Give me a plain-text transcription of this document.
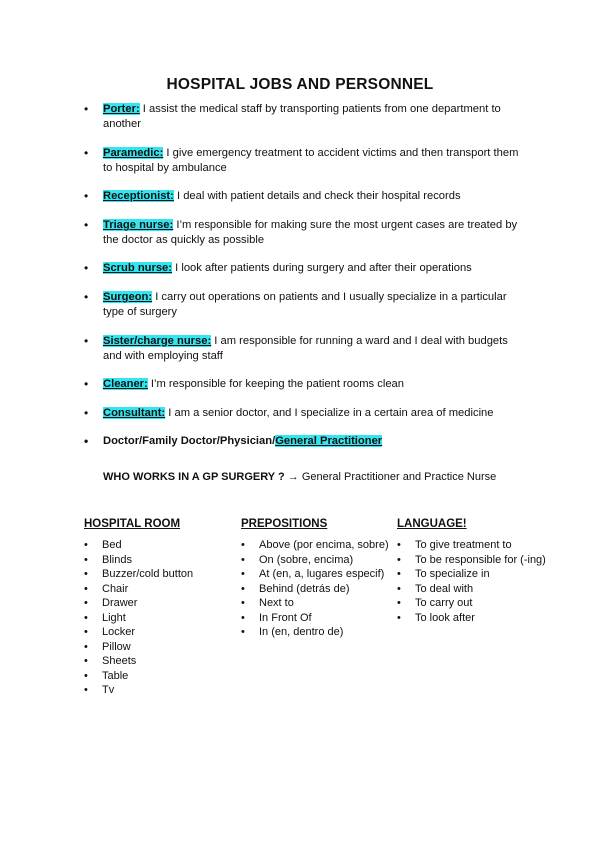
HOSPITAL JOBS AND PERSONNEL
• Porter: I assist the medical staff by transporting patients from one department to another
• Paramedic: I give emergency treatment to accident victims and then transport them to hospital by ambulance
• Receptionist: I deal with patient details and check their hospital records
• Triage nurse: I’m responsible for making sure the most urgent cases are treated by the doctor as quickly as possible
• Scrub nurse: I look after patients during surgery and after their operations
• Surgeon: I carry out operations on patients and I usually specialize in a particular type of surgery
• Sister/charge nurse: I am responsible for running a ward and I deal with budgets and with employing staff
• Cleaner: I’m responsible for keeping the patient rooms clean
• Consultant: I am a senior doctor, and I specialize in a certain area of medicine
• Doctor/Family Doctor/Physician/General Practitioner
WHO WORKS IN A GP SURGERY ? → General Practitioner and Practice Nurse
HOSPITAL ROOM
• Bed
• Blinds
• Buzzer/cold button
• Chair
• Drawer
• Light
• Locker
• Pillow
• Sheets
• Table
• Tv
PREPOSITIONS
• Above (por encima, sobre)
• On (sobre, encima)
• At (en, a, lugares especif)
• Behind (detrás de)
• Next to
• In Front Of
• In (en, dentro de)
LANGUAGE!
• To give treatment to
• To be responsible for (-ing)
• To specialize in
• To deal with
• To carry out
• To look after
